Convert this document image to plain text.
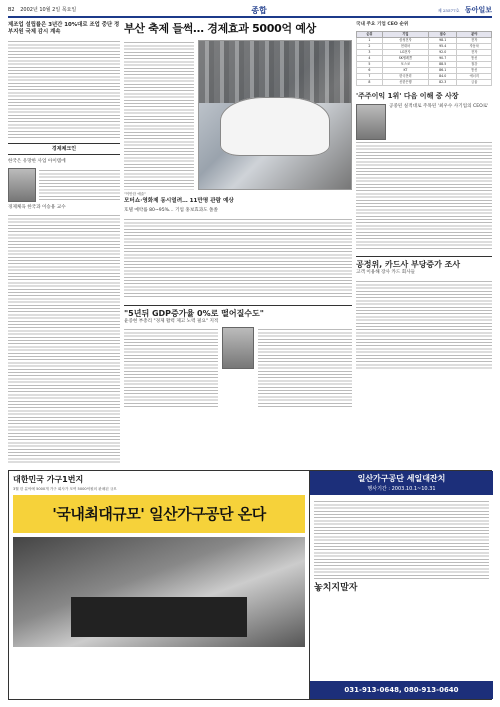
B2 2002년 10월 2일 목요일	종합	제 25577호 동아일보
제조업 설립률은 3년간 10%대로 조업 중단 정부지원 국제 감시 계속
경제체크인
한국은 유망한 사업 아이템에
경제체육 한국과 이승용 교수
부산 축제 들썩… 경제효과 5000억 예상
"이만한 예술"
모터쇼·영화제 동시열려… 11만명 관람 예상
호텔 예약률 80~95%… 기업 홍보효과도 쏠쏠
"5년뒤 GDP증가율 0%로 떨어질수도"
윤증현 부총리 "경제 활력 제고 노력 필요" 지적
국내 주요 기업 CEO 순위
순위	기업	점수	분야
1	삼성전자	98.1	전자
2	현대차	95.4	자동차
3	LG전자	92.0	전자
4	SK텔레콤	90.7	통신
5	포스코	88.5	철강
6	KT	86.1	통신
7	한국전력	84.0	에너지
8	신한은행	82.3	금융
'주주이익 1위' 다음 이해 중 사장
공중된 실적대로 주목된 '최우수 사기업의 CEO로'
공정위, 카드사 부당증가 조사
고객 이용해 장사 카드 회사들
대한민국 가구1번지
3월 한 분야에 5000개 가구 회사가 모여 5000억원의 판매된 규모
'국내최대규모' 일산가구공단 온다
일산가구공단 세일대잔치
행사기간 : 2003.10.1~10.31
놓치지말자
031-913-0648, 080-913-0640
